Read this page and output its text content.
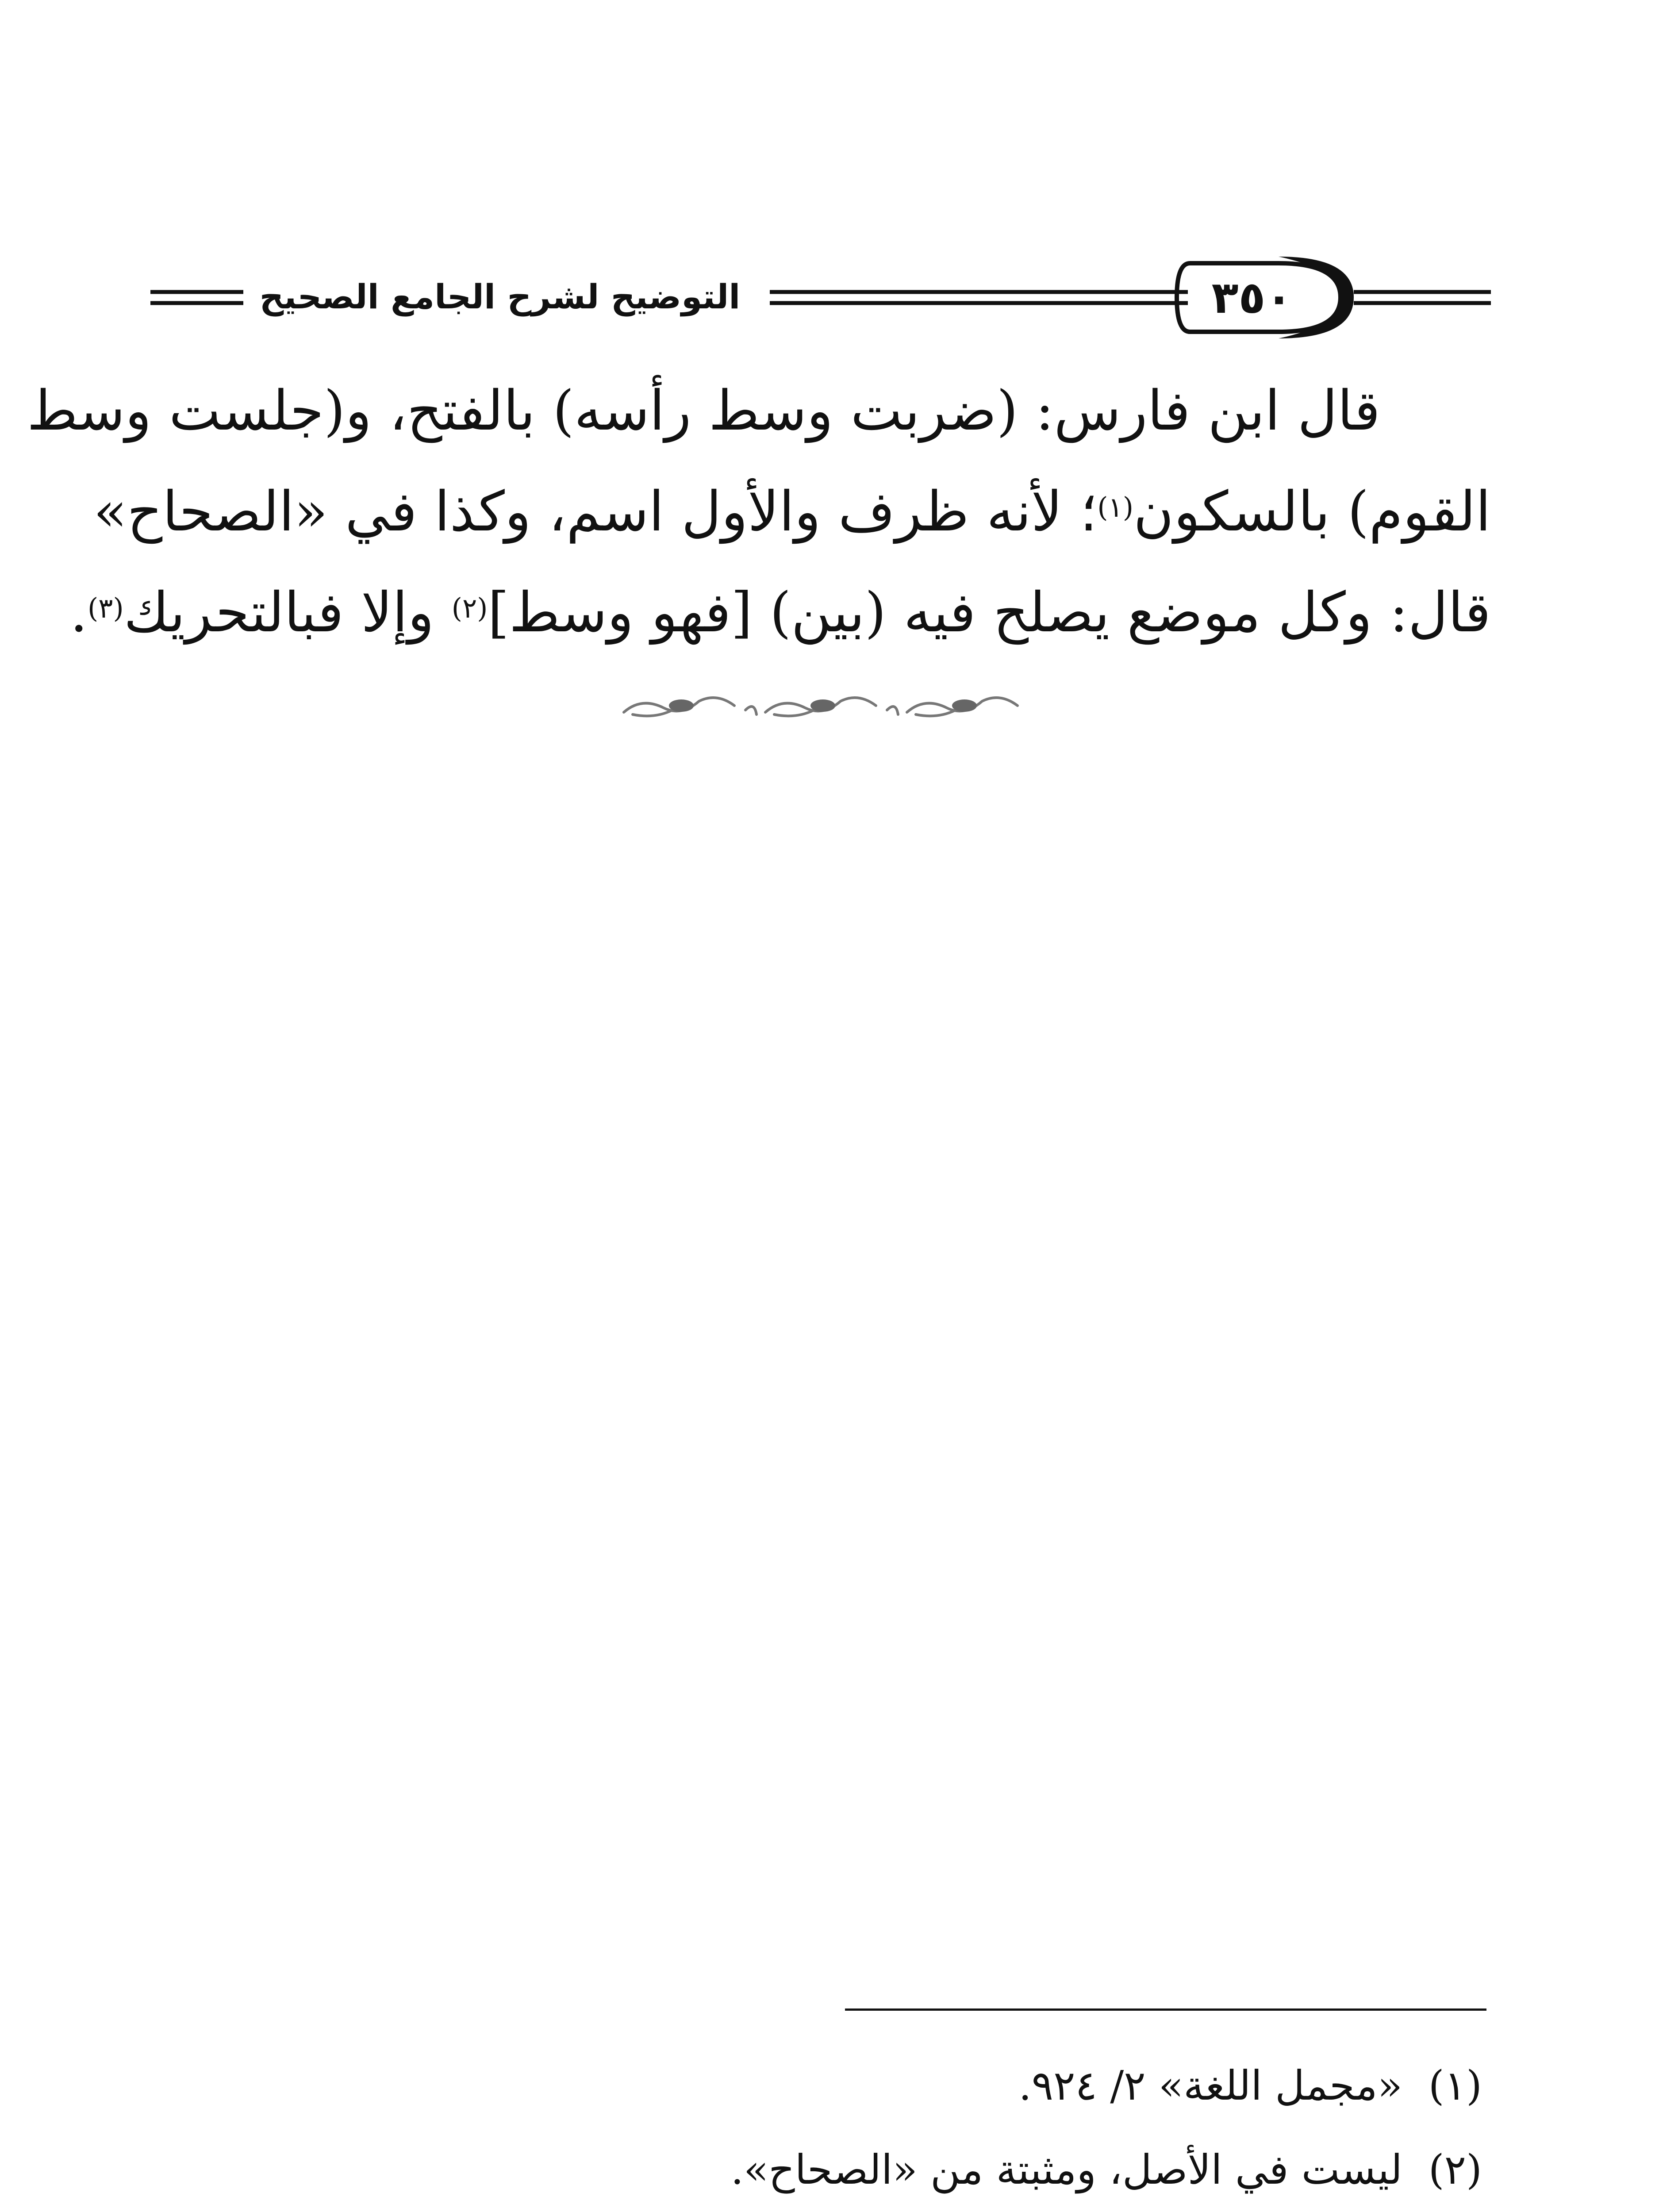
٣٥٠
التوضيح لشرح الجامع الصحيح
قال ابن فارس: (ضربت وسط رأسه) بالفتح، و(جلست وسط
القوم) بالسكون$^{(١)}$؛ لأنه ظرف والأول اسم، وكذا في «الصحاح»
قال: وكل موضع يصلح فيه (بين) [فهو وسط]$^{(٢)}$ وإلا فبالتحريك$^{(٣)}$.
(١)«مجمل اللغة» ٢/ ٩٢٤.
(٢)ليست في الأصل، ومثبتة من «الصحاح».
